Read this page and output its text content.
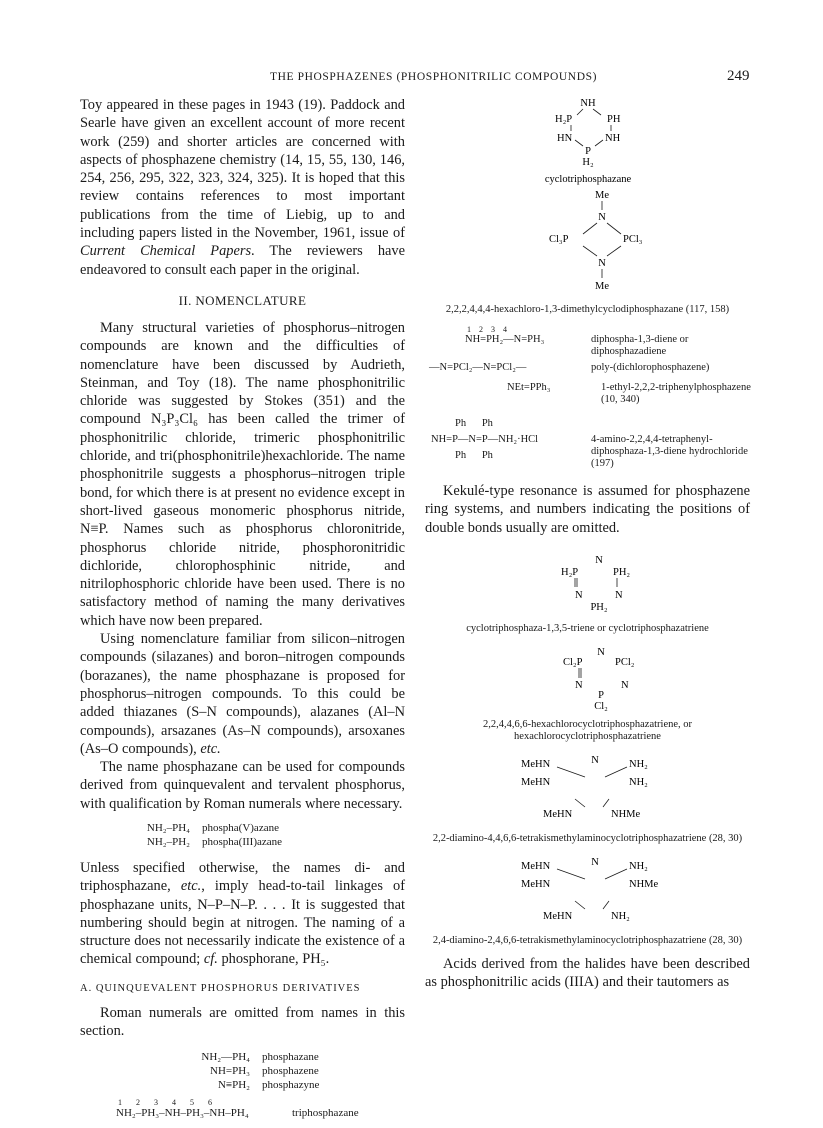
THE PHOSPHAZENES (PHOSPHONITRILIC COMPOUNDS)	249

Toy appeared in these pages in 1943 (19). Paddock and Searle have given an excellent account of more recent work (259) and shorter articles are concerned with aspects of phosphazene chemistry (14, 15, 55, 130, 146, 254, 256, 295, 322, 323, 324, 325). It is hoped that this review contains references to most important publications from the time of Liebig, up to and including papers listed in the November, 1961, issue of Current Chemical Papers. The reviewers have endeavored to consult each paper in the original.

II. NOMENCLATURE

Many structural varieties of phosphorus–nitrogen compounds are known and the difficulties of nomenclature have been discussed by Audrieth, Steinman, and Toy (18). The name phosphonitrilic chloride was suggested by Stokes (351) and the compound N₃P₃Cl₆ has been called the trimer of phosphonitrilic chloride, trimeric phosphonitrilic chloride, and tri(phosphonitrile)hexachloride. The name phosphonitrile suggests a phosphorus–nitrogen triple bond, for which there is at present no evidence except in short-lived gaseous monomeric phosphorus nitride, N≡P. Names such as phosphorus chloronitride, phosphorus chloride nitride, phosphoronitridic dichloride, chlorophosphinic nitride, and nitrilophosphoric chloride have been used. There is no satisfactory method of naming the many derivatives which have now been prepared.

Using nomenclature familiar from silicon–nitrogen compounds (silazanes) and boron–nitrogen compounds (borazanes), the name phosphazane is proposed for phosphorus–nitrogen compounds. To this could be added thiazanes (S–N compounds), alazanes (Al–N compounds), arsazanes (As–N compounds), arsoxanes (As–O compounds), etc.

The name phosphazane can be used for compounds derived from quinquevalent and tervalent phosphorus, with qualification by Roman numerals where necessary.

NH₂–PH₄	phospha(V)azane
NH₂–PH₂	phospha(III)azane

Unless specified otherwise, the names di- and triphosphazane, etc., imply head-to-tail linkages of phosphazane units, N–P–N–P. . . . It is suggested that numbering should begin at nitrogen. The naming of a structure does not necessarily indicate the existence of a chemical compound; cf. phosphorane, PH₅.

A. QUINQUEVALENT PHOSPHORUS DERIVATIVES

Roman numerals are omitted from names in this section.

NH₂—PH₄	phosphazane
NH=PH₃	phosphazene
N≡PH₂	phosphazyne
1 2 3 4 5 6
NH₂–PH₃–NH–PH₃–NH–PH₄	triphosphazane
NH
H₂P	PH
HN	NH
P
H₂
cyclotriphosphazane
Me
N
Cl₃P	PCl₃
N
Me
2,2,2,4,4,4-hexachloro-1,3-dimethylcyclodiphosphazane (117, 158)
1 2 3 4
NH=PH₂—N=PH₃	diphospha-1,3-diene or diphosphazadiene
—N=PCl₂—N=PCl₂—	poly-(dichlorophosphazene)
NEt=PPh₃	1-ethyl-2,2,2-triphenylphosphazene (10, 340)
Ph      Ph
NH=P—N=P—NH₂·HCl
Ph      Ph
4-amino-2,2,4,4-tetraphenyl-diphosphaza-1,3-diene hydrochloride (197)

Kekulé-type resonance is assumed for phosphazene ring systems, and numbers indicating the positions of double bonds usually are omitted.

N
H₂P	PH₂
N	N
PH₂
cyclotriphosphaza-1,3,5-triene or cyclotriphosphazatriene
N
Cl₂P	PCl₂
N	N
P
Cl₂
2,2,4,4,6,6-hexachlorocyclotriphosphazatriene, or hexachlorocyclotriphosphazatriene
MeHN
MeHN
N	NH₂
NH₂
MeHN	NHMe
2,2-diamino-4,4,6,6-tetrakismethylaminocyclotriphosphazatriene (28, 30)
MeHN
MeHN
N	NH₂
NHMe
MeHN	NH₂
2,4-diamino-2,4,6,6-tetrakismethylaminocyclotriphosphazatriene (28, 30)

Acids derived from the halides have been described as phosphonitrilic acids (IIIA) and their tautomers as
